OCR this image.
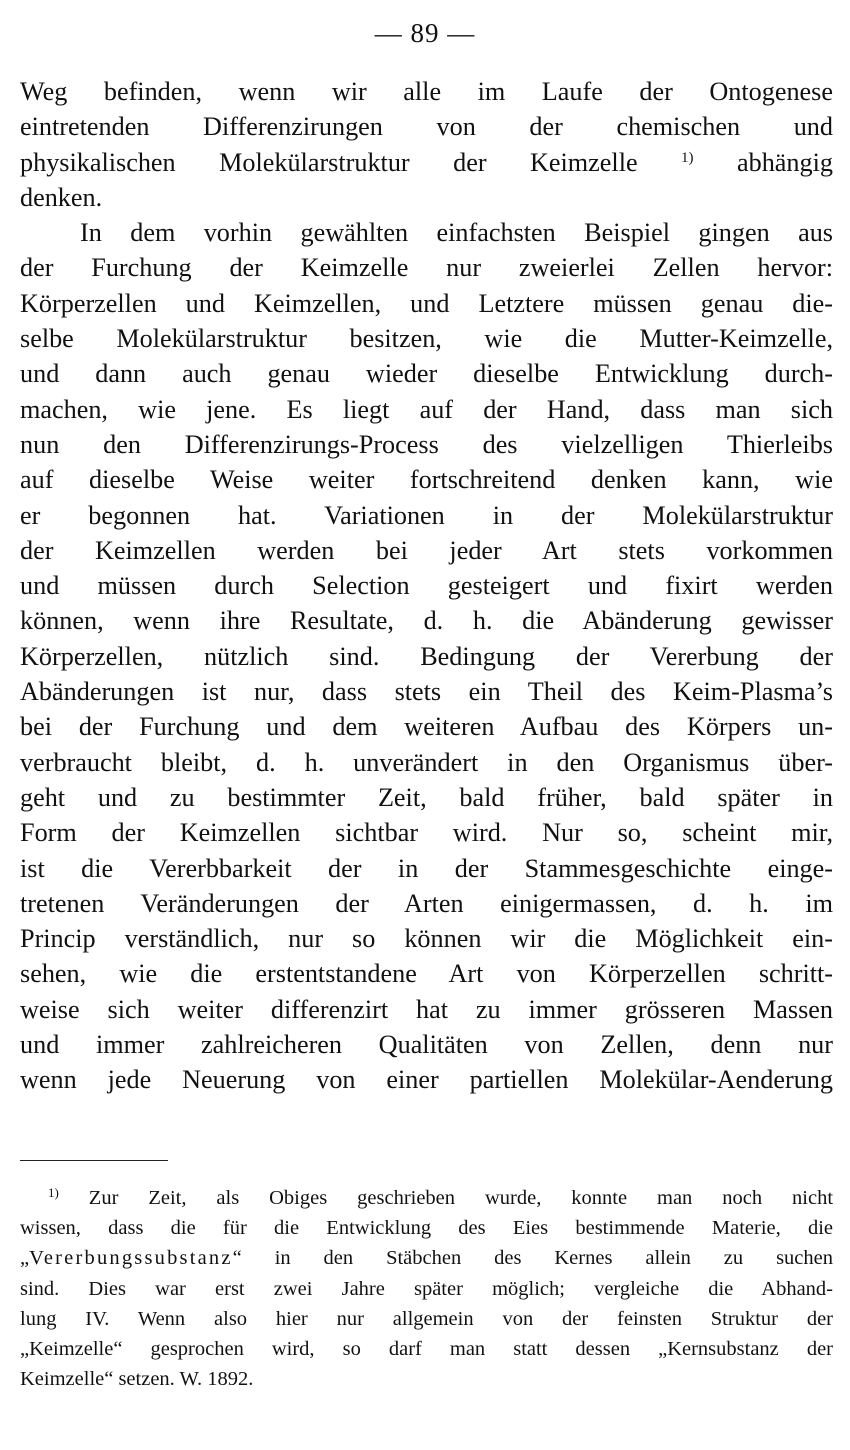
— 89 —
Weg befinden, wenn wir alle im Laufe der Ontogenese
eintretenden Differenzirungen von der chemischen und
physikalischen Molekülarstruktur der Keimzelle	$^{1)}$ abhängig
denken.
In dem vorhin gewählten einfachsten Beispiel gingen aus
der Furchung der Keimzelle nur zweierlei Zellen hervor:
Körperzellen und Keimzellen, und Letztere müssen genau die-
selbe Molekülarstruktur besitzen, wie die Mutter-Keimzelle,
und dann auch genau wieder dieselbe Entwicklung durch-
machen, wie jene. Es liegt auf der Hand, dass man sich
nun den Differenzirungs-Process des vielzelligen Thierleibs
auf dieselbe Weise weiter fortschreitend denken kann, wie
er begonnen hat. Variationen in der Molekülarstruktur
der Keimzellen werden bei jeder Art stets vorkommen
und müssen durch Selection gesteigert und fixirt werden
können, wenn ihre Resultate, d. h. die Abänderung gewisser
Körperzellen, nützlich sind. Bedingung der Vererbung der
Abänderungen ist nur, dass stets ein Theil des Keim-Plasma’s
bei der Furchung und dem weiteren Aufbau des Körpers un-
verbraucht bleibt, d. h. unverändert in den Organismus über-
geht und zu bestimmter Zeit, bald früher, bald später in
Form der Keimzellen sichtbar wird. Nur so, scheint mir,
ist die Vererbbarkeit der in der Stammesgeschichte einge-
tretenen Veränderungen der Arten einigermassen, d. h. im
Princip verständlich, nur so können wir die Möglichkeit ein-
sehen, wie die erstentstandene Art von Körperzellen schritt-
weise sich weiter differenzirt hat zu immer grösseren Massen
und immer zahlreicheren Qualitäten von Zellen, denn nur
wenn jede Neuerung von einer partiellen Molekülar-Aenderung
$^{1)}$ Zur Zeit, als Obiges geschrieben wurde, konnte man noch nicht
wissen, dass die für die Entwicklung des Eies bestimmende Materie, die
„Vererbungssubstanz“ in den Stäbchen des Kernes allein zu suchen
sind. Dies war erst zwei Jahre später möglich; vergleiche die Abhand-
lung IV. Wenn also hier nur allgemein von der feinsten Struktur der
„Keimzelle“ gesprochen wird, so darf man statt dessen „Kernsubstanz der
Keimzelle“ setzen. W. 1892.
